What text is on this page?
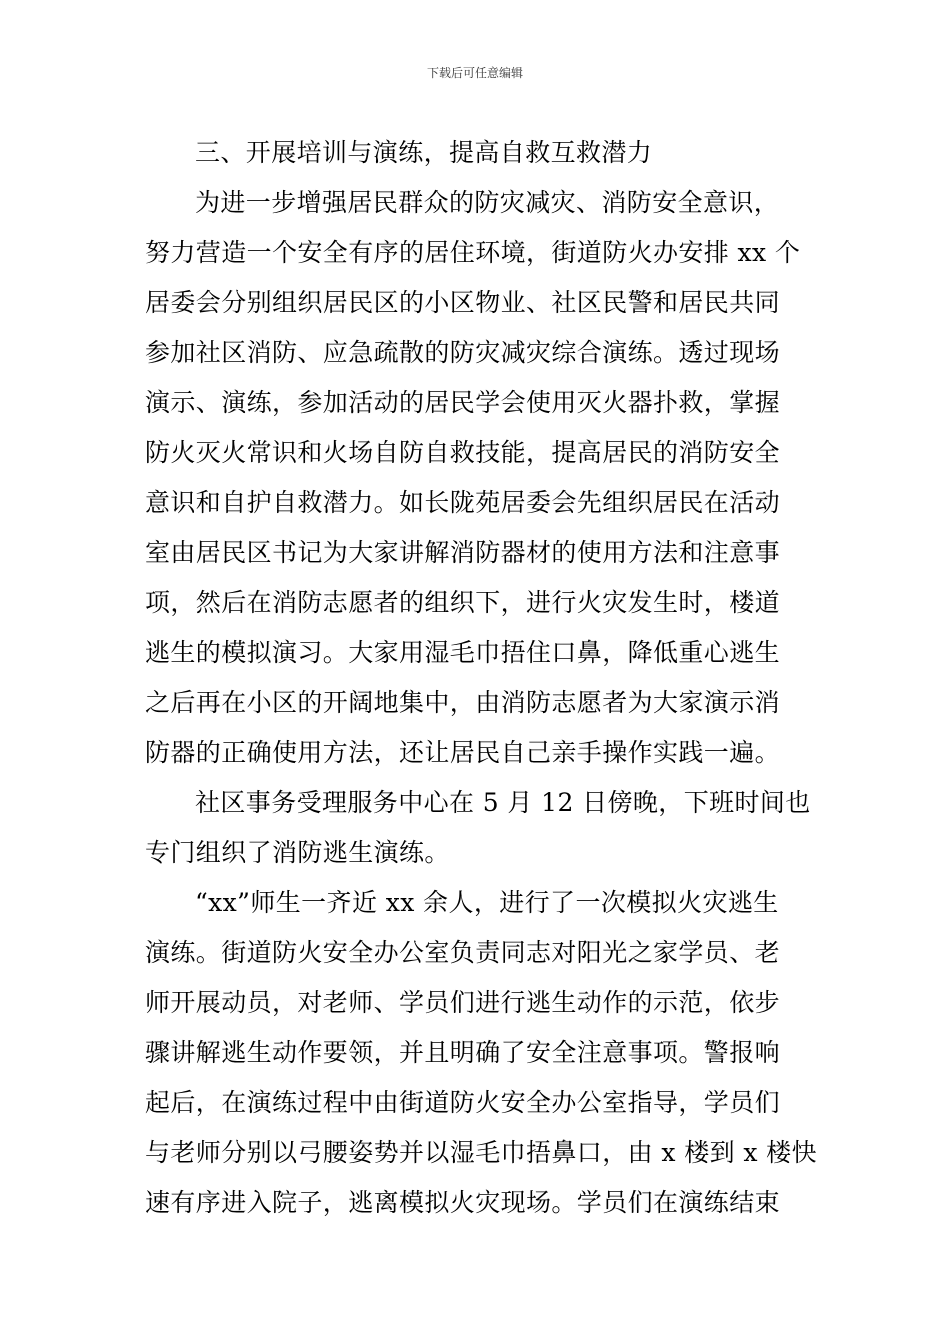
下载后可任意编辑
三、开展培训与演练，提高自救互救潜力
为进一步增强居民群众的防灾减灾、消防安全意识，
努力营造一个安全有序的居住环境，街道防火办安排 xx 个
居委会分别组织居民区的小区物业、社区民警和居民共同
参加社区消防、应急疏散的防灾减灾综合演练。透过现场
演示、演练，参加活动的居民学会使用灭火器扑救，掌握
防火灭火常识和火场自防自救技能，提高居民的消防安全
意识和自护自救潜力。如长陇苑居委会先组织居民在活动
室由居民区书记为大家讲解消防器材的使用方法和注意事
项，然后在消防志愿者的组织下，进行火灾发生时，楼道
逃生的模拟演习。大家用湿毛巾捂住口鼻，降低重心逃生
之后再在小区的开阔地集中，由消防志愿者为大家演示消
防器的正确使用方法，还让居民自己亲手操作实践一遍。
社区事务受理服务中心在 5 月 12 日傍晚，下班时间也
专门组织了消防逃生演练。
“xx”师生一齐近 xx 余人，进行了一次模拟火灾逃生
演练。街道防火安全办公室负责同志对阳光之家学员、老
师开展动员，对老师、学员们进行逃生动作的示范，依步
骤讲解逃生动作要领，并且明确了安全注意事项。警报响
起后，在演练过程中由街道防火安全办公室指导，学员们
与老师分别以弓腰姿势并以湿毛巾捂鼻口，由 x 楼到 x 楼快
速有序进入院子，逃离模拟火灾现场。学员们在演练结束
